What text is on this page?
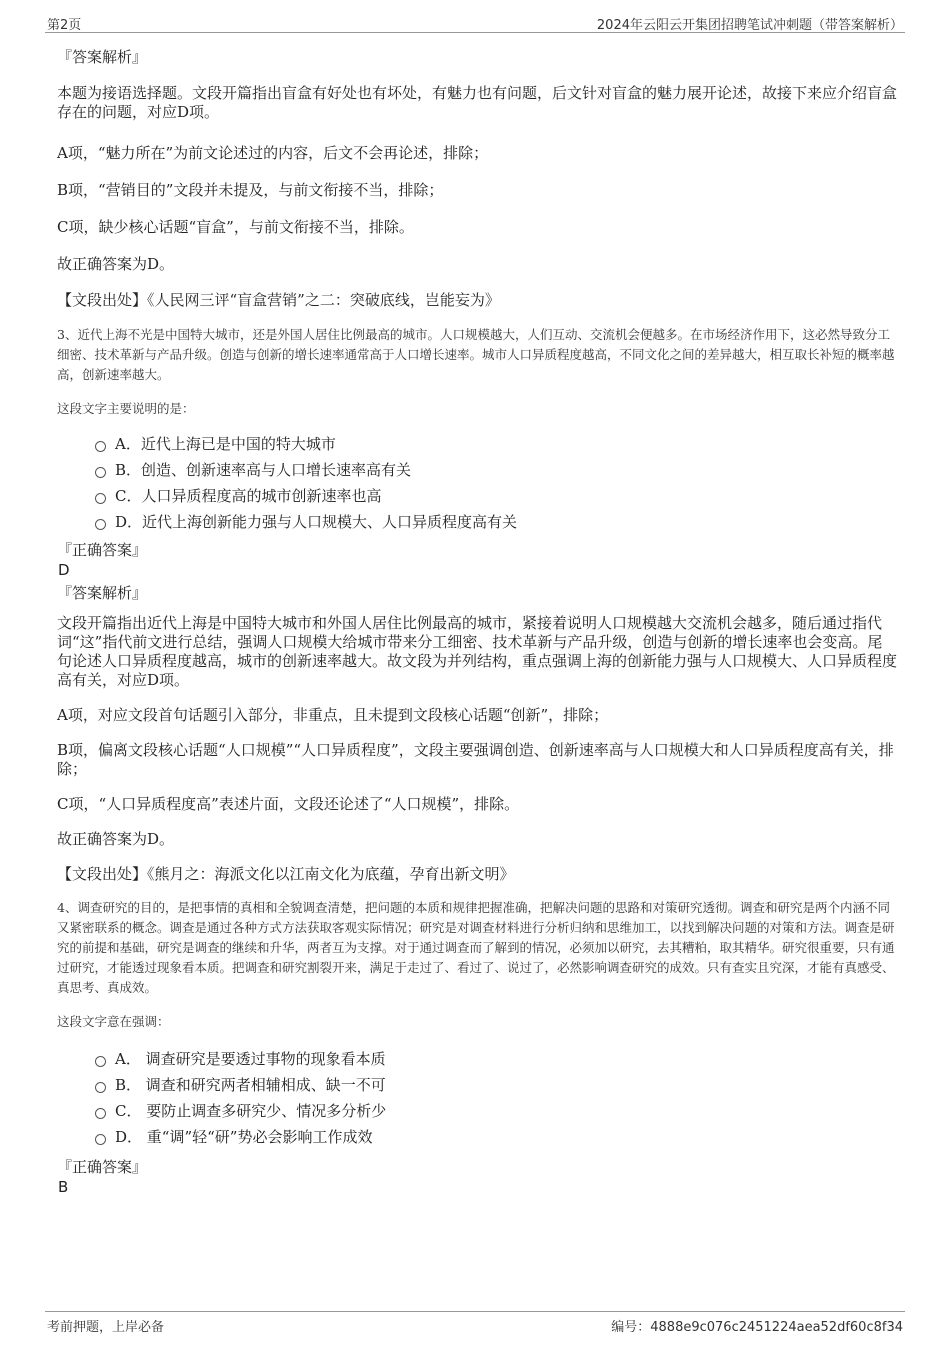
第2页	2024年云阳云开集团招聘笔试冲刺题（带答案解析）
『答案解析』
本题为接语选择题。文段开篇指出盲盒有好处也有坏处，有魅力也有问题，后文针对盲盒的魅力展开论述，故接下来应介绍盲盒存在的问题，对应D项。
A项，“魅力所在”为前文论述过的内容，后文不会再论述，排除；
B项，“营销目的”文段并未提及，与前文衔接不当，排除；
C项，缺少核心话题“盲盒”，与前文衔接不当，排除。
故正确答案为D。
【文段出处】《人民网三评“盲盒营销”之二：突破底线，岂能妄为》
3、近代上海不光是中国特大城市，还是外国人居住比例最高的城市。人口规模越大，人们互动、交流机会便越多。在市场经济作用下，这必然导致分工细密、技术革新与产品升级。创造与创新的增长速率通常高于人口增长速率。城市人口异质程度越高，不同文化之间的差异越大，相互取长补短的概率越高，创新速率越大。
这段文字主要说明的是：
A．近代上海已是中国的特大城市
B．创造、创新速率高与人口增长速率高有关
C．人口异质程度高的城市创新速率也高
D．近代上海创新能力强与人口规模大、人口异质程度高有关
『正确答案』
D
『答案解析』
文段开篇指出近代上海是中国特大城市和外国人居住比例最高的城市，紧接着说明人口规模越大交流机会越多，随后通过指代词“这”指代前文进行总结，强调人口规模大给城市带来分工细密、技术革新与产品升级，创造与创新的增长速率也会变高。尾句论述人口异质程度越高，城市的创新速率越大。故文段为并列结构，重点强调上海的创新能力强与人口规模大、人口异质程度高有关，对应D项。
A项，对应文段首句话题引入部分，非重点，且未提到文段核心话题“创新”，排除；
B项，偏离文段核心话题“人口规模”“人口异质程度”，文段主要强调创造、创新速率高与人口规模大和人口异质程度高有关，排除；
C项，“人口异质程度高”表述片面，文段还论述了“人口规模”，排除。
故正确答案为D。
【文段出处】《熊月之：海派文化以江南文化为底蕴，孕育出新文明》
4、调查研究的目的，是把事情的真相和全貌调查清楚，把问题的本质和规律把握准确，把解决问题的思路和对策研究透彻。调查和研究是两个内涵不同又紧密联系的概念。调查是通过各种方式方法获取客观实际情况；研究是对调查材料进行分析归纳和思维加工，以找到解决问题的对策和方法。调查是研究的前提和基础，研究是调查的继续和升华，两者互为支撑。对于通过调查而了解到的情况，必须加以研究，去其糟粕，取其精华。研究很重要，只有通过研究，才能透过现象看本质。把调查和研究割裂开来，满足于走过了、看过了、说过了，必然影响调查研究的成效。只有查实且究深，才能有真感受、真思考、真成效。
这段文字意在强调：
A． 调查研究是要透过事物的现象看本质
B． 调查和研究两者相辅相成、缺一不可
C． 要防止调查多研究少、情况多分析少
D． 重“调”轻“研”势必会影响工作成效
『正确答案』
B
考前押题，上岸必备	编号：4888e9c076c2451224aea52df60c8f34
